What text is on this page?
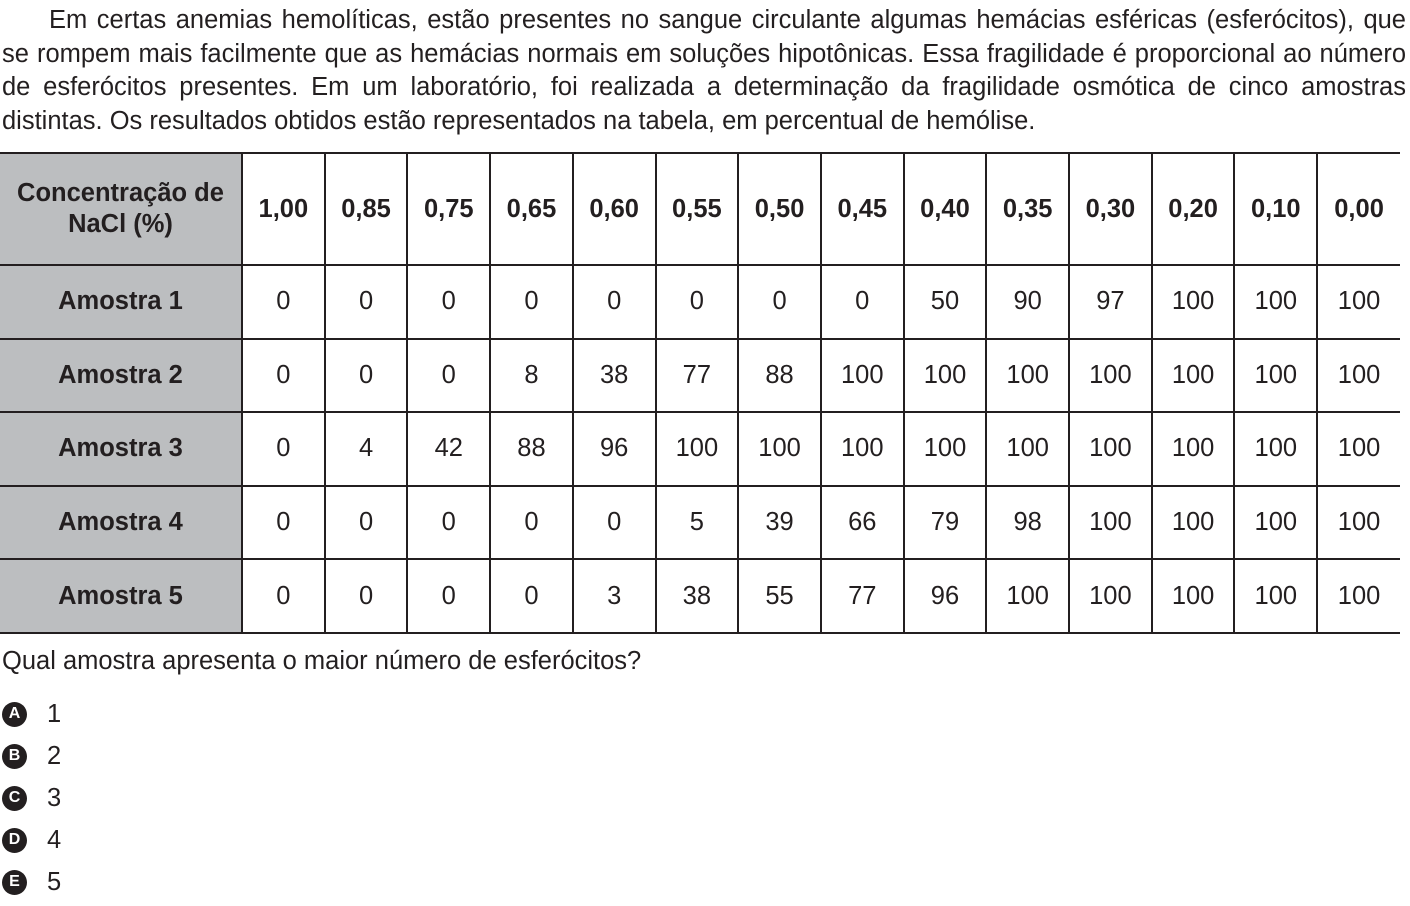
Em certas anemias hemolíticas, estão presentes no sangue circulante algumas hemácias esféricas (esferócitos), que se rompem mais facilmente que as hemácias normais em soluções hipotônicas. Essa fragilidade é proporcional ao número de esferócitos presentes. Em um laboratório, foi realizada a determinação da fragilidade osmótica de cinco amostras distintas. Os resultados obtidos estão representados na tabela, em percentual de hemólise.

Concentração de
NaCl (%)	1,00	0,85	0,75	0,65	0,60	0,55	0,50	0,45	0,40	0,35	0,30	0,20	0,10	0,00
Amostra 1	0	0	0	0	0	0	0	0	50	90	97	100	100	100
Amostra 2	0	0	0	8	38	77	88	100	100	100	100	100	100	100
Amostra 3	0	4	42	88	96	100	100	100	100	100	100	100	100	100
Amostra 4	0	0	0	0	0	5	39	66	79	98	100	100	100	100
Amostra 5	0	0	0	0	3	38	55	77	96	100	100	100	100	100

Qual amostra apresenta o maior número de esferócitos?

A 1
B 2
C 3
D 4
E 5
